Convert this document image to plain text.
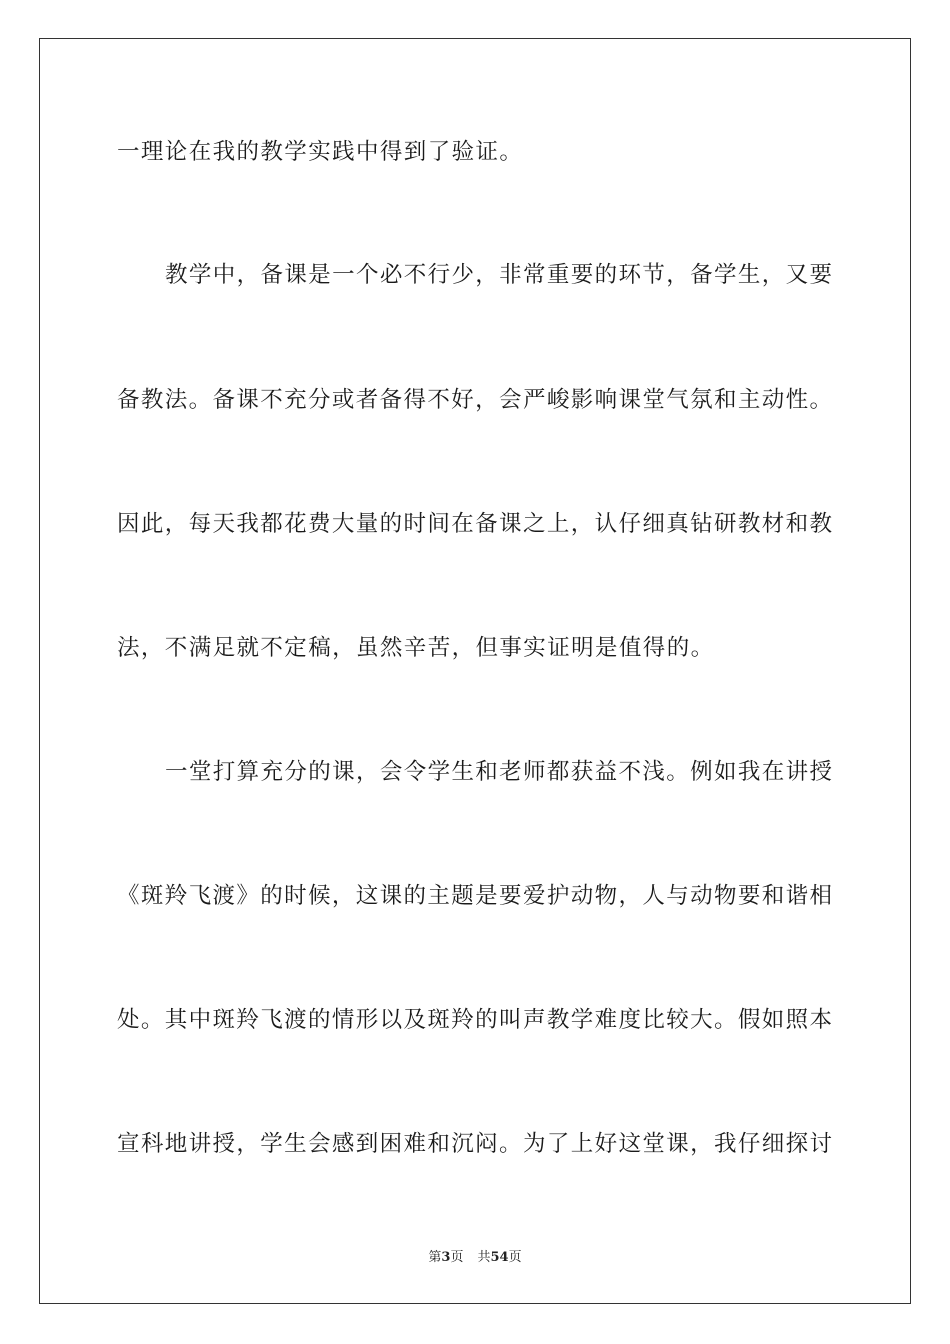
一理论在我的教学实践中得到了验证。
教学中，备课是一个必不行少，非常重要的环节，备学生，又要
备教法。备课不充分或者备得不好，会严峻影响课堂气氛和主动性。
因此，每天我都花费大量的时间在备课之上，认仔细真钻研教材和教
法，不满足就不定稿，虽然辛苦，但事实证明是值得的。
一堂打算充分的课，会令学生和老师都获益不浅。例如我在讲授
《斑羚飞渡》的时候，这课的主题是要爱护动物，人与动物要和谐相
处。其中斑羚飞渡的情形以及斑羚的叫声教学难度比较大。假如照本
宣科地讲授，学生会感到困难和沉闷。为了上好这堂课，我仔细探讨
第3页 共54页
